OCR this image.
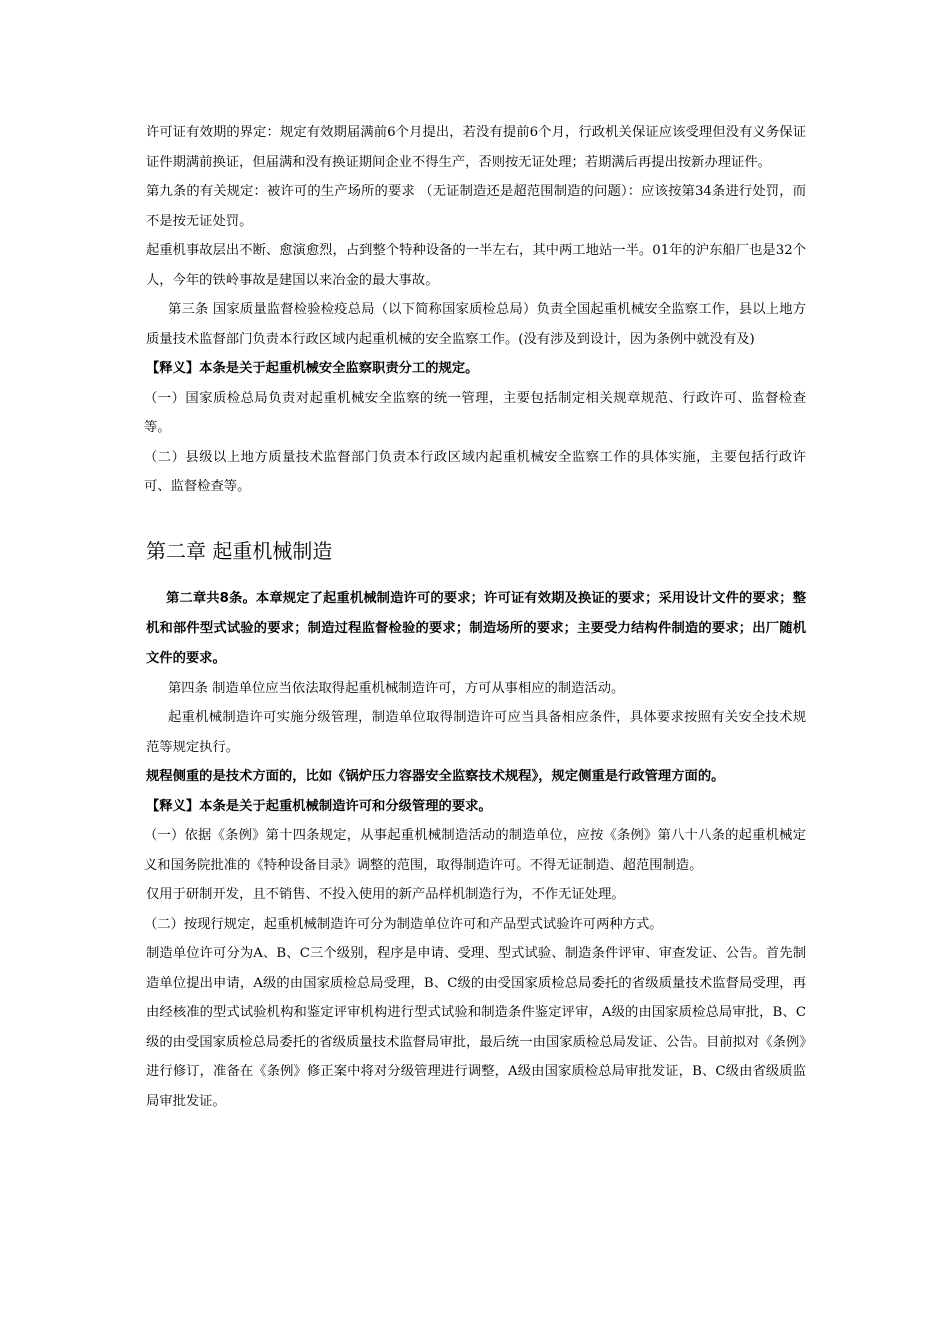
许可证有效期的界定：规定有效期届满前6个月提出，若没有提前6个月，行政机关保证应该受理但没有义务保证证件期满前换证，但届满和没有换证期间企业不得生产，否则按无证处理；若期满后再提出按新办理证件。

第九条的有关规定：被许可的生产场所的要求 （无证制造还是超范围制造的问题）：应该按第34条进行处罚，而不是按无证处罚。

起重机事故层出不断、愈演愈烈，占到整个特种设备的一半左右，其中两工地站一半。01年的沪东船厂也是32个人，今年的铁岭事故是建国以来冶金的最大事故。

第三条 国家质量监督检验检疫总局（以下简称国家质检总局）负责全国起重机械安全监察工作，县以上地方质量技术监督部门负责本行政区域内起重机械的安全监察工作。(没有涉及到设计，因为条例中就没有及)

【释义】本条是关于起重机械安全监察职责分工的规定。

（一）国家质检总局负责对起重机械安全监察的统一管理，主要包括制定相关规章规范、行政许可、监督检查等。

（二）县级以上地方质量技术监督部门负责本行政区域内起重机械安全监察工作的具体实施，主要包括行政许可、监督检查等。

第二章 起重机械制造

第二章共8条。本章规定了起重机械制造许可的要求；许可证有效期及换证的要求；采用设计文件的要求；整机和部件型式试验的要求；制造过程监督检验的要求；制造场所的要求；主要受力结构件制造的要求；出厂随机文件的要求。

第四条 制造单位应当依法取得起重机械制造许可，方可从事相应的制造活动。

起重机械制造许可实施分级管理，制造单位取得制造许可应当具备相应条件，具体要求按照有关安全技术规范等规定执行。

规程侧重的是技术方面的，比如《锅炉压力容器安全监察技术规程》，规定侧重是行政管理方面的。

【释义】本条是关于起重机械制造许可和分级管理的要求。

（一）依据《条例》第十四条规定，从事起重机械制造活动的制造单位，应按《条例》第八十八条的起重机械定义和国务院批准的《特种设备目录》调整的范围，取得制造许可。不得无证制造、超范围制造。

仅用于研制开发，且不销售、不投入使用的新产品样机制造行为，不作无证处理。

（二）按现行规定，起重机械制造许可分为制造单位许可和产品型式试验许可两种方式。

制造单位许可分为A、B、C三个级别，程序是申请、受理、型式试验、制造条件评审、审查发证、公告。首先制造单位提出申请，A级的由国家质检总局受理，B、C级的由受国家质检总局委托的省级质量技术监督局受理，再由经核准的型式试验机构和鉴定评审机构进行型式试验和制造条件鉴定评审，A级的由国家质检总局审批，B、C级的由受国家质检总局委托的省级质量技术监督局审批，最后统一由国家质检总局发证、公告。目前拟对《条例》进行修订，准备在《条例》修正案中将对分级管理进行调整，A级由国家质检总局审批发证，B、C级由省级质监局审批发证。
